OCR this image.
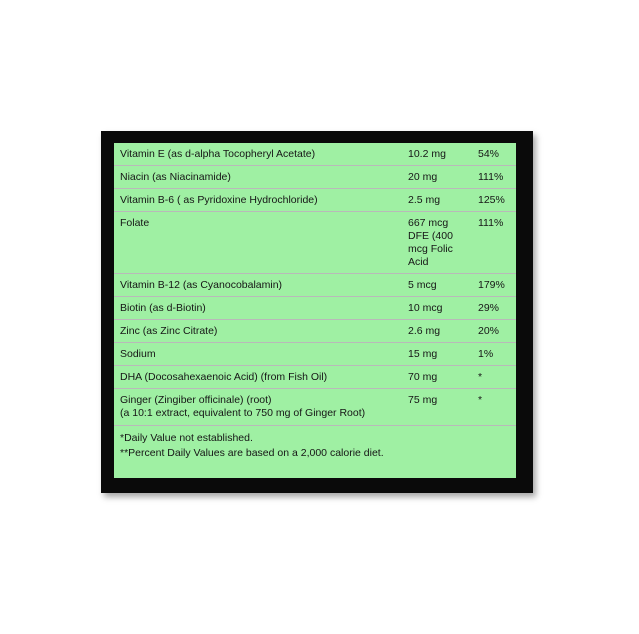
Vitamin E (as d-alpha Tocopheryl Acetate)	10.2 mg	54%
Niacin (as Niacinamide)	20 mg	111%
Vitamin B-6 ( as Pyridoxine Hydrochloride)	2.5 mg	125%
Folate	667 mcg DFE (400 mcg Folic Acid	111%
Vitamin B-12 (as Cyanocobalamin)	5 mcg	179%
Biotin (as d-Biotin)	10 mcg	29%
Zinc (as Zinc Citrate)	2.6 mg	20%
Sodium	15 mg	1%
DHA (Docosahexaenoic Acid) (from Fish Oil)	70 mg	*

Ginger (Zingiber officinale) (root)
(a 10:1 extract, equivalent to 750 mg of Ginger Root)	75 mg	*
*Daily Value not established.
**Percent Daily Values are based on a 2,000 calorie diet.
